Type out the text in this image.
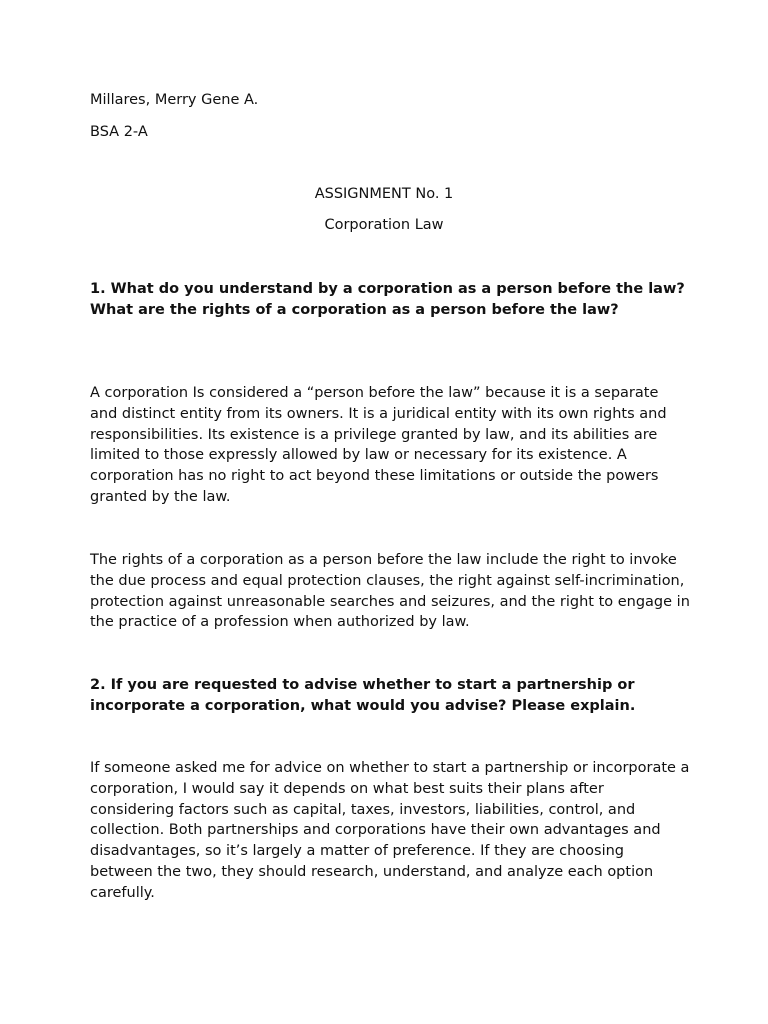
Millares, Merry Gene A.
BSA 2-A
ASSIGNMENT No. 1
Corporation Law
1. What do you understand by a corporation as a person before the law? What are the rights of a corporation as a person before the law?
A corporation Is considered a “person before the law” because it is a separate and distinct entity from its owners. It is a juridical entity with its own rights and responsibilities. Its existence is a privilege granted by law, and its abilities are limited to those expressly allowed by law or necessary for its existence. A corporation has no right to act beyond these limitations or outside the powers granted by the law.
The rights of a corporation as a person before the law include the right to invoke the due process and equal protection clauses, the right against self-incrimination, protection against unreasonable searches and seizures, and the right to engage in the practice of a profession when authorized by law.
2. If you are requested to advise whether to start a partnership or incorporate a corporation, what would you advise? Please explain.
If someone asked me for advice on whether to start a partnership or incorporate a corporation, I would say it depends on what best suits their plans after considering factors such as capital, taxes, investors, liabilities, control, and collection. Both partnerships and corporations have their own advantages and disadvantages, so it’s largely a matter of preference. If they are choosing between the two, they should research, understand, and analyze each option carefully.
